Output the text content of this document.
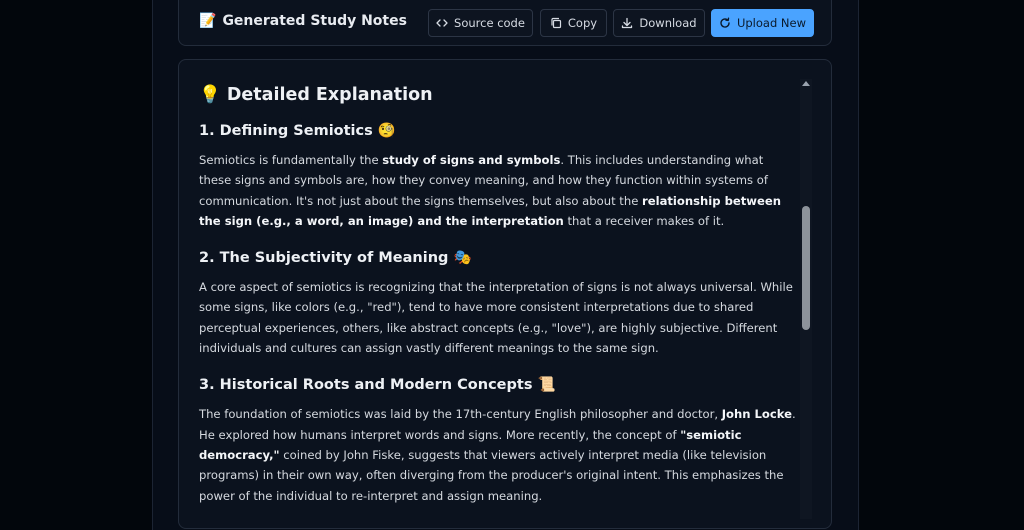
📝 Generated Study Notes	Source code	Copy	Download	Upload New
💡 Detailed Explanation
1. Defining Semiotics 🧐

Semiotics is fundamentally the study of signs and symbols. This includes understanding what these signs and symbols are, how they convey meaning, and how they function within systems of communication. It's not just about the signs themselves, but also about the relationship between the sign (e.g., a word, an image) and the interpretation that a receiver makes of it.

2. The Subjectivity of Meaning 🎭

A core aspect of semiotics is recognizing that the interpretation of signs is not always universal. While some signs, like colors (e.g., "red"), tend to have more consistent interpretations due to shared perceptual experiences, others, like abstract concepts (e.g., "love"), are highly subjective. Different individuals and cultures can assign vastly different meanings to the same sign.

3. Historical Roots and Modern Concepts 📜

The foundation of semiotics was laid by the 17th-century English philosopher and doctor, John Locke. He explored how humans interpret words and signs. More recently, the concept of "semiotic democracy," coined by John Fiske, suggests that viewers actively interpret media (like television programs) in their own way, often diverging from the producer's original intent. This emphasizes the power of the individual to re-interpret and assign meaning.
